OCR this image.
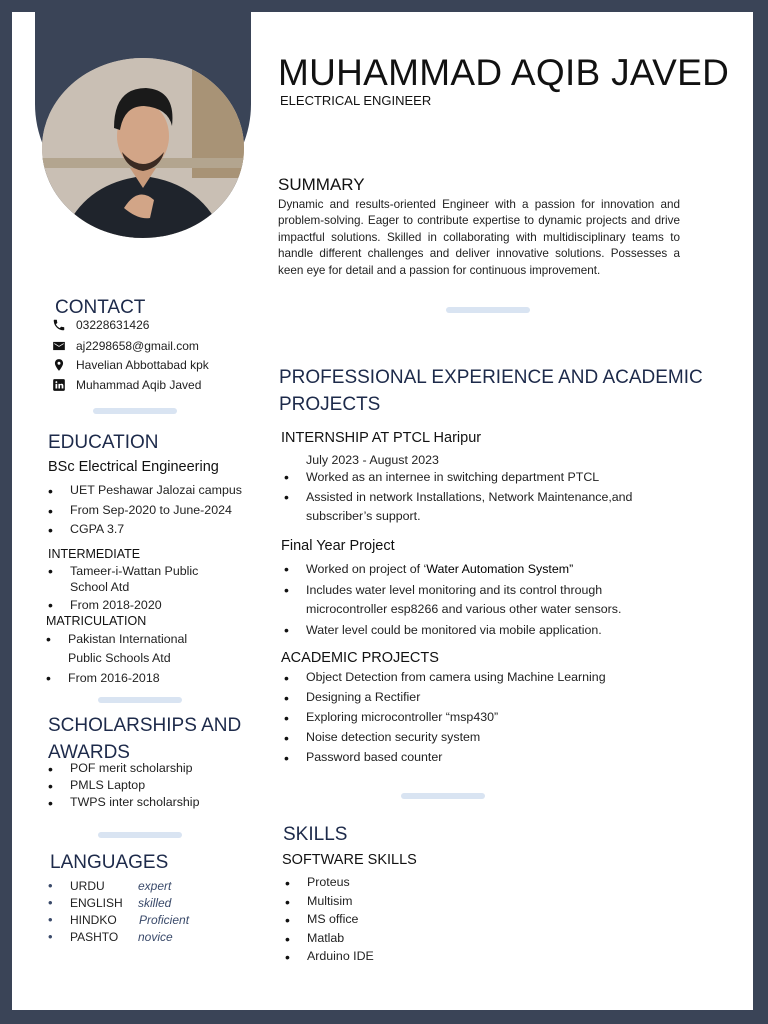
MUHAMMAD AQIB JAVED
ELECTRICAL ENGINEER
SUMMARY
Dynamic and results-oriented Engineer with a passion for innovation and problem-solving. Eager to contribute expertise to dynamic projects and drive impactful solutions. Skilled in collaborating with multidisciplinary teams to handle different challenges and deliver innovative solutions. Possesses a keen eye for detail and a passion for continuous improvement.
CONTACT
03228631426
aj2298658@gmail.com
Havelian Abbottabad kpk
Muhammad Aqib Javed
EDUCATION
BSc Electrical Engineering
• UET Peshawar Jalozai campus
• From Sep-2020 to June-2024
• CGPA 3.7
INTERMEDIATE
• Tameer-i-Wattan Public School Atd
• From 2018-2020
MATRICULATION
• Pakistan International Public Schools Atd
• From 2016-2018
SCHOLARSHIPS AND
AWARDS
• POF merit scholarship
• PMLS Laptop
• TWPS inter scholarship
LANGUAGES
• URDU	expert
• ENGLISH skilled
• HINDKO Proficient
• PASHTO novice
PROFESSIONAL EXPERIENCE AND ACADEMIC
PROJECTS
INTERNSHIP AT PTCL Haripur
July 2023 - August 2023
• Worked as an internee in switching department PTCL
• Assisted in network Installations, Network Maintenance,and subscriber’s support.
Final Year Project
• Worked on project of ‘Water Automation System”
• Includes water level monitoring and its control through microcontroller esp8266 and various other water sensors.
• Water level could be monitored via mobile application.
ACADEMIC PROJECTS
• Object Detection from camera using Machine Learning
• Designing a Rectifier
• Exploring microcontroller “msp430”
• Noise detection security system
• Password based counter
SKILLS
SOFTWARE SKILLS
• Proteus
• Multisim
• MS office
• Matlab
• Arduino IDE
